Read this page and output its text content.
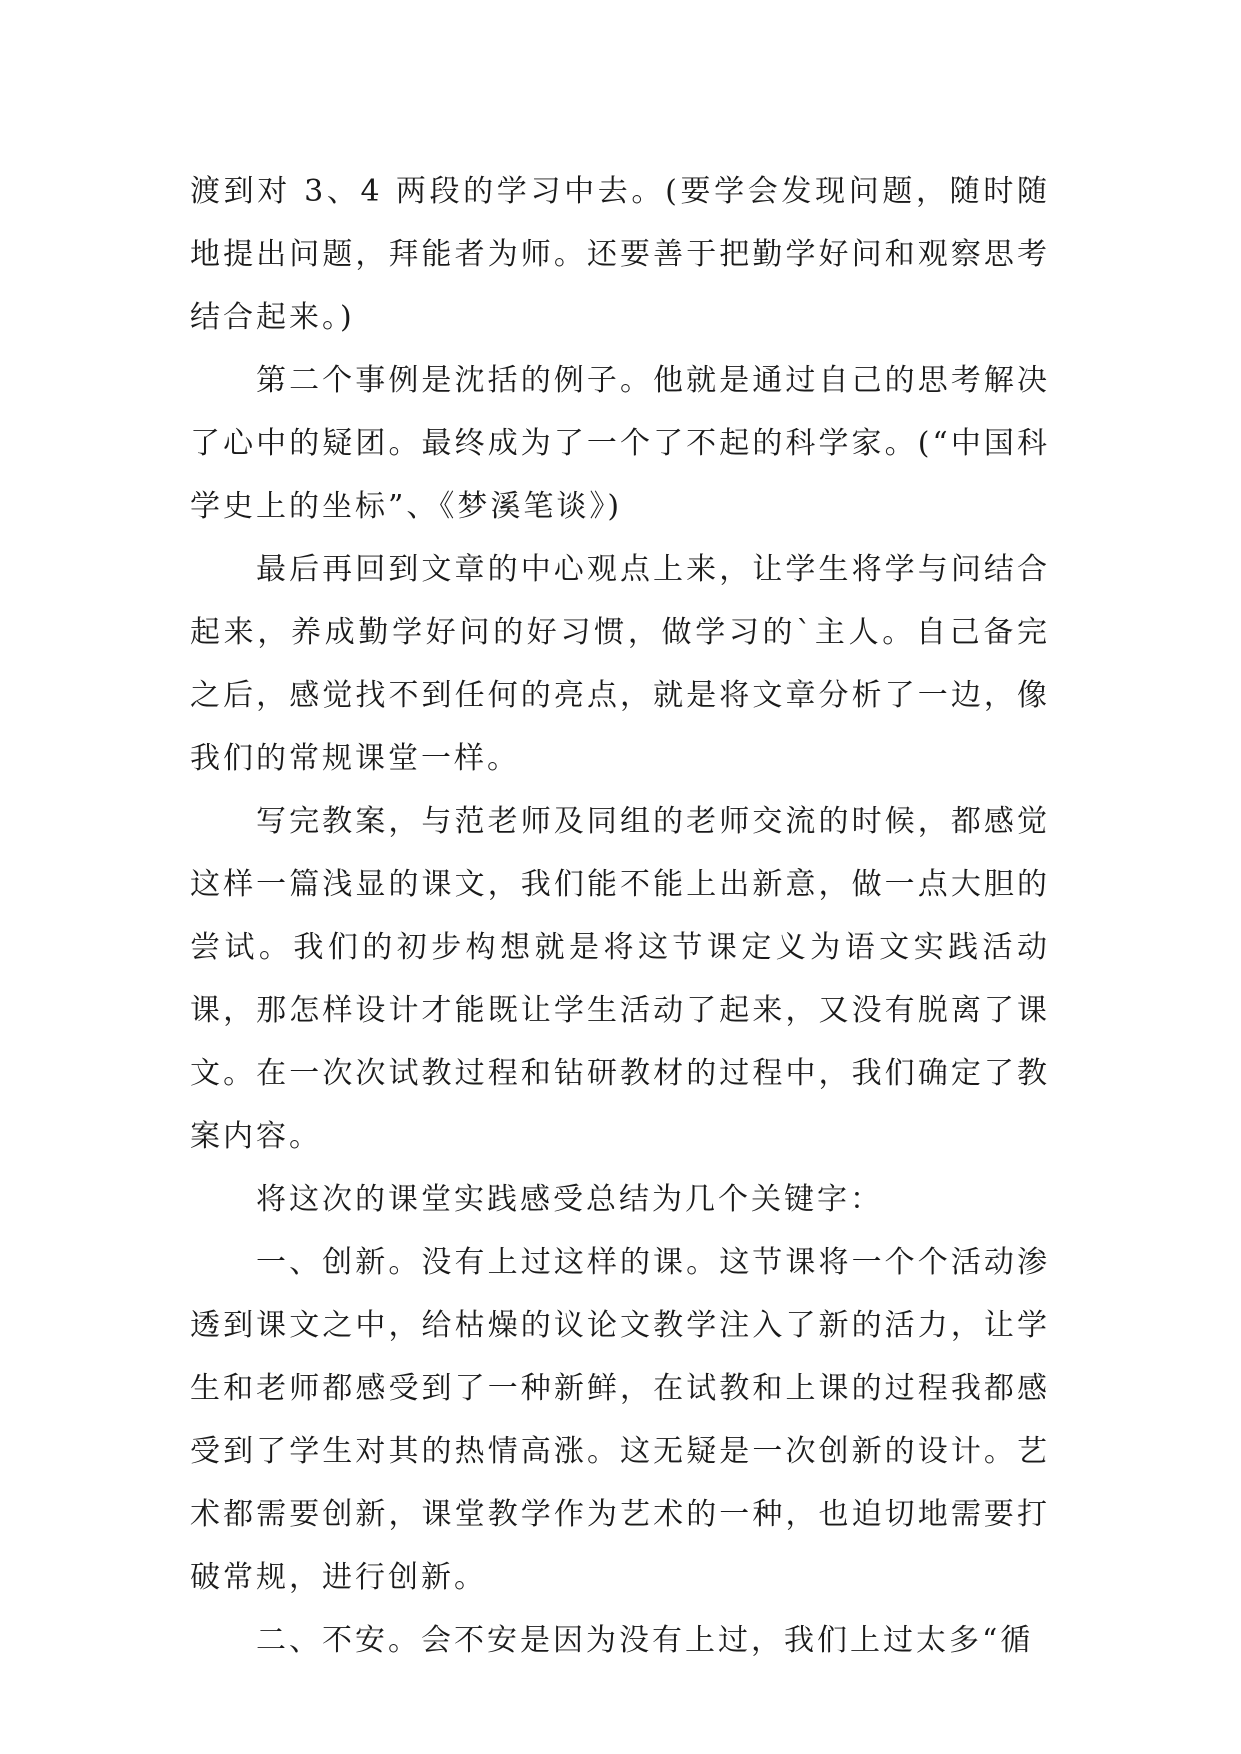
渡到对 3、4 两段的学习中去。(要学会发现问题，随时随地提出问题，拜能者为师。还要善于把勤学好问和观察思考结合起来。)

第二个事例是沈括的例子。他就是通过自己的思考解决了心中的疑团。最终成为了一个了不起的科学家。(“中国科学史上的坐标”、《梦溪笔谈》)

最后再回到文章的中心观点上来，让学生将学与问结合起来，养成勤学好问的好习惯，做学习的`主人。自己备完之后，感觉找不到任何的亮点，就是将文章分析了一边，像我们的常规课堂一样。

写完教案，与范老师及同组的老师交流的时候，都感觉这样一篇浅显的课文，我们能不能上出新意，做一点大胆的尝试。我们的初步构想就是将这节课定义为语文实践活动课，那怎样设计才能既让学生活动了起来，又没有脱离了课文。在一次次试教过程和钻研教材的过程中，我们确定了教案内容。

将这次的课堂实践感受总结为几个关键字：

一、创新。没有上过这样的课。这节课将一个个活动渗透到课文之中，给枯燥的议论文教学注入了新的活力，让学生和老师都感受到了一种新鲜，在试教和上课的过程我都感受到了学生对其的热情高涨。这无疑是一次创新的设计。艺术都需要创新，课堂教学作为艺术的一种，也迫切地需要打破常规，进行创新。

二、不安。会不安是因为没有上过，我们上过太多“循
